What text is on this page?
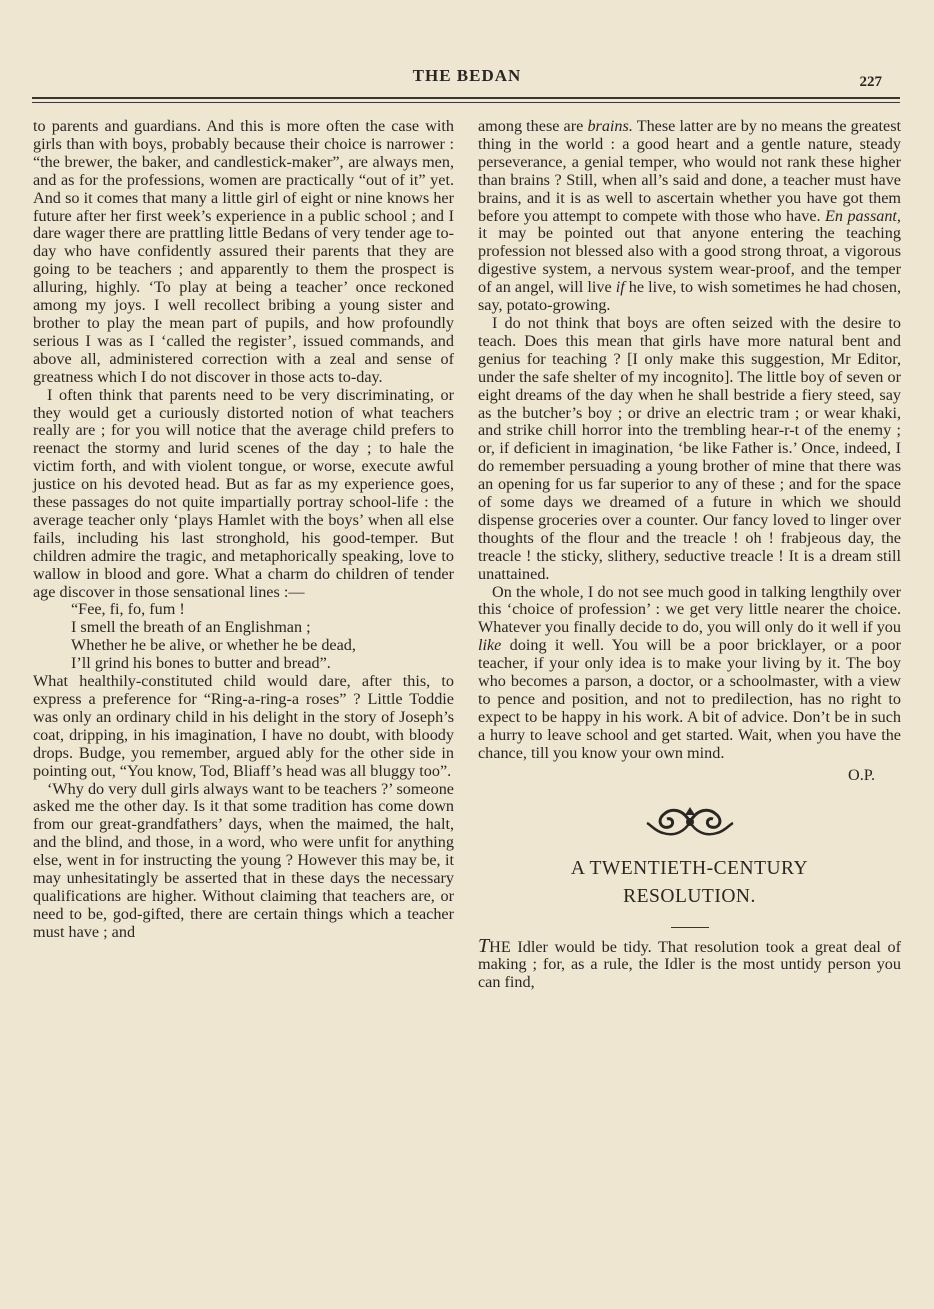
THE BEDAN	227

to parents and guardians. And this is more often the case with girls than with boys, probably because their choice is narrower : “the brewer, the baker, and candlestick-maker”, are always men, and as for the professions, women are practically “out of it” yet. And so it comes that many a little girl of eight or nine knows her future after her first week’s experience in a public school ; and I dare wager there are prattling little Bedans of very tender age to-day who have confidently assured their parents that they are going to be teachers ; and apparently to them the prospect is alluring, highly. ‘To play at being a teacher’ once reckoned among my joys. I well recollect bribing a young sister and brother to play the mean part of pupils, and how profoundly serious I was as I ‘called the register’, issued commands, and above all, administered correction with a zeal and sense of greatness which I do not discover in those acts to-day.

I often think that parents need to be very discriminating, or they would get a curiously distorted notion of what teachers really are ; for you will notice that the average child prefers to reenact the stormy and lurid scenes of the day ; to hale the victim forth, and with violent tongue, or worse, execute awful justice on his devoted head. But as far as my experience goes, these passages do not quite impartially portray school-life : the average teacher only ‘plays Hamlet with the boys’ when all else fails, including his last stronghold, his good-temper. But children admire the tragic, and metaphorically speaking, love to wallow in blood and gore. What a charm do children of tender age discover in those sensational lines :—

“Fee, fi, fo, fum !
I smell the breath of an Englishman ;
Whether he be alive, or whether he be dead,
I’ll grind his bones to butter and bread”.

What healthily-constituted child would dare, after this, to express a preference for “Ring-a-ring-a roses” ? Little Toddie was only an ordinary child in his delight in the story of Joseph’s coat, dripping, in his imagination, I have no doubt, with bloody drops. Budge, you remember, argued ably for the other side in pointing out, “You know, Tod, Bliaff’s head was all bluggy too”.

‘Why do very dull girls always want to be teachers ?’ someone asked me the other day. Is it that some tradition has come down from our great-grandfathers’ days, when the maimed, the halt, and the blind, and those, in a word, who were unfit for anything else, went in for instructing the young ? However this may be, it may unhesitatingly be asserted that in these days the necessary qualifications are higher. Without claiming that teachers are, or need to be, god-gifted, there are certain things which a teacher must have ; and

among these are brains. These latter are by no means the greatest thing in the world : a good heart and a gentle nature, steady perseverance, a genial temper, who would not rank these higher than brains ? Still, when all’s said and done, a teacher must have brains, and it is as well to ascertain whether you have got them before you attempt to compete with those who have. En passant, it may be pointed out that anyone entering the teaching profession not blessed also with a good strong throat, a vigorous digestive system, a nervous system wear-proof, and the temper of an angel, will live if he live, to wish sometimes he had chosen, say, potato-growing.

I do not think that boys are often seized with the desire to teach. Does this mean that girls have more natural bent and genius for teaching ? [I only make this suggestion, Mr Editor, under the safe shelter of my incognito]. The little boy of seven or eight dreams of the day when he shall bestride a fiery steed, say as the butcher’s boy ; or drive an electric tram ; or wear khaki, and strike chill horror into the trembling hear-r-t of the enemy ; or, if deficient in imagination, ‘be like Father is.’ Once, indeed, I do remember persuading a young brother of mine that there was an opening for us far superior to any of these ; and for the space of some days we dreamed of a future in which we should dispense groceries over a counter. Our fancy loved to linger over thoughts of the flour and the treacle ! oh ! frabjeous day, the treacle ! the sticky, slithery, seductive treacle ! It is a dream still unattained.

On the whole, I do not see much good in talking lengthily over this ‘choice of profession’ : we get very little nearer the choice. Whatever you finally decide to do, you will only do it well if you like doing it well. You will be a poor bricklayer, or a poor teacher, if your only idea is to make your living by it. The boy who becomes a parson, a doctor, or a schoolmaster, with a view to pence and position, and not to predilection, has no right to expect to be happy in his work. A bit of advice. Don’t be in such a hurry to leave school and get started. Wait, when you have the chance, till you know your own mind.

O.P.

A TWENTIETH-CENTURY

RESOLUTION.

THE Idler would be tidy. That resolution took a great deal of making ; for, as a rule, the Idler is the most untidy person you can find,
